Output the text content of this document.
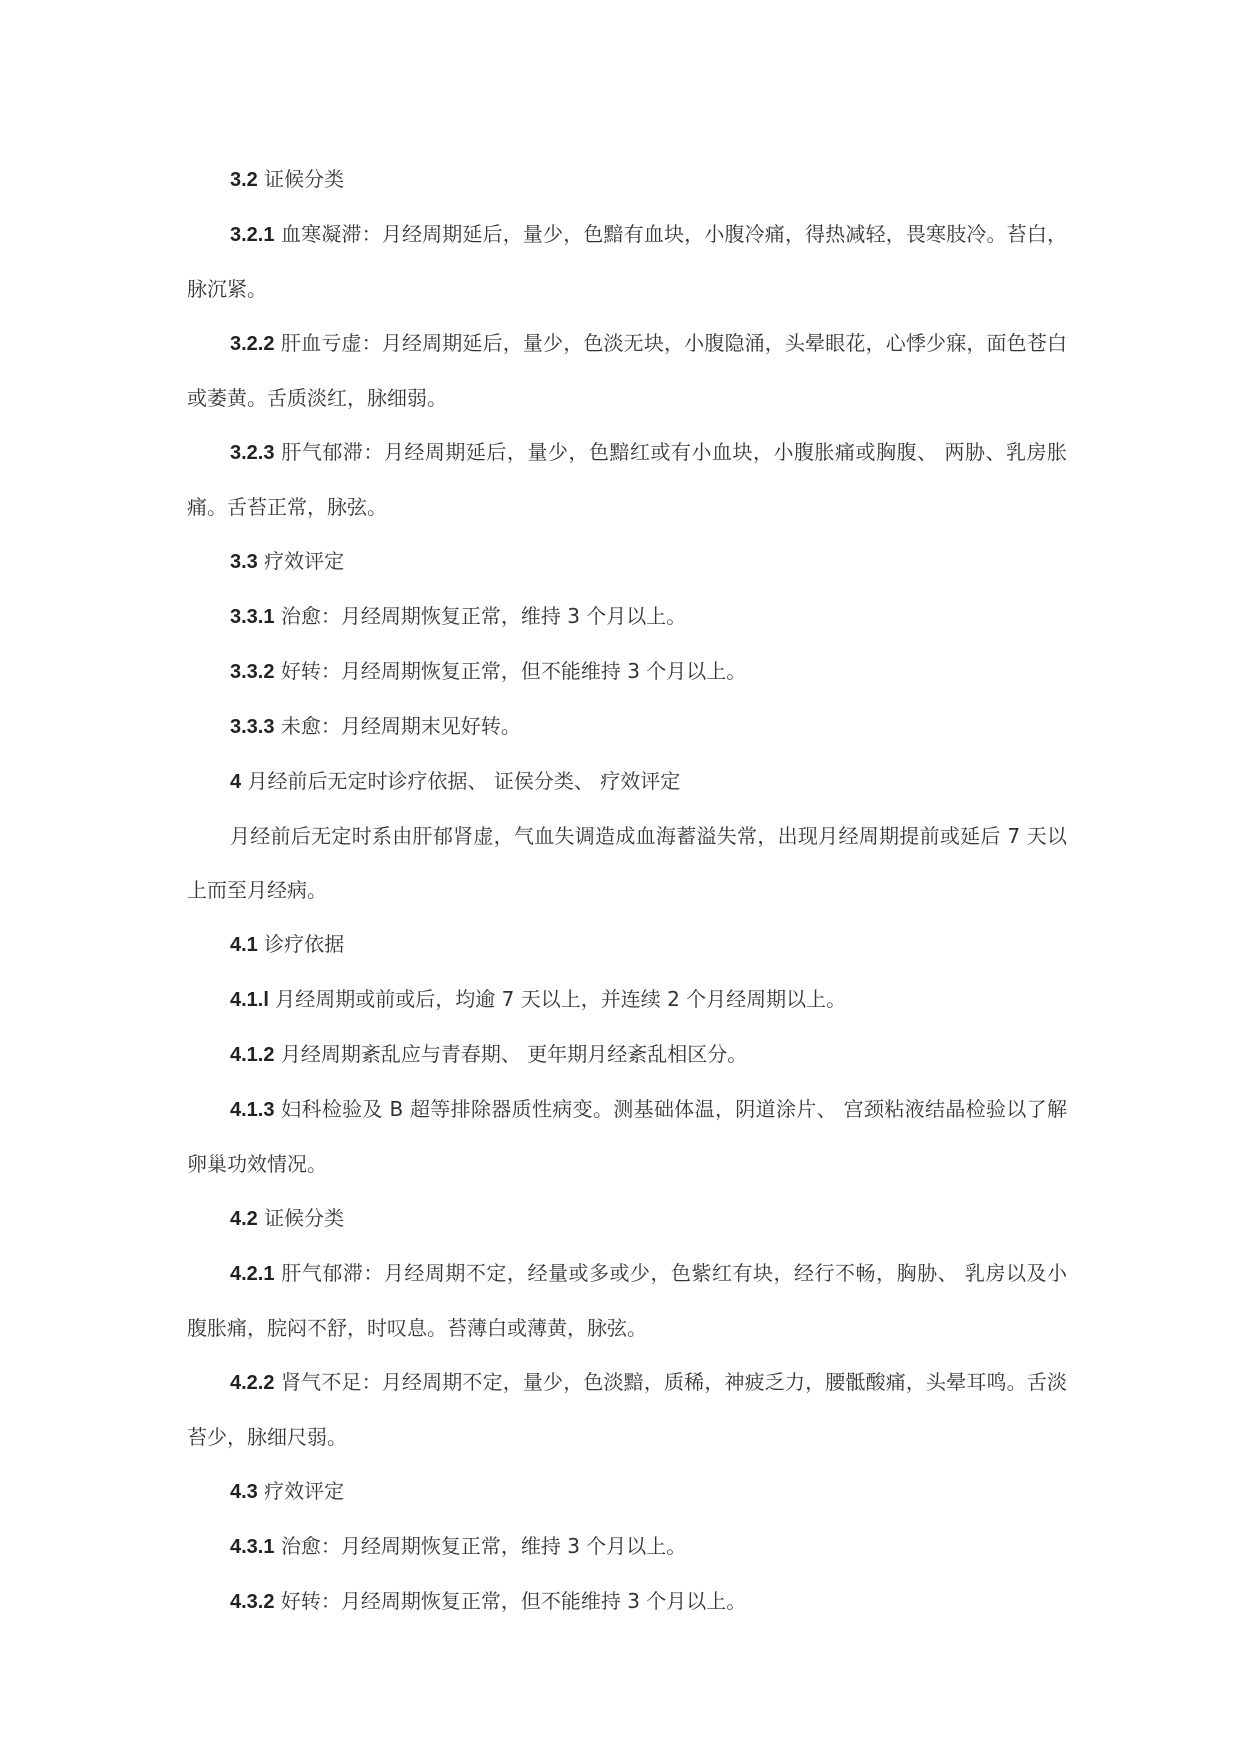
3.2 证候分类

3.2.1 血寒凝滞：月经周期延后，量少，色黯有血块，小腹冷痛，得热减轻，畏寒肢冷。苔白，脉沉紧。

3.2.2 肝血亏虚：月经周期延后，量少，色淡无块，小腹隐涌，头晕眼花，心悸少寐，面色苍白或萎黄。舌质淡红，脉细弱。

3.2.3 肝气郁滞：月经周期延后，量少，色黯红或有小血块，小腹胀痛或胸腹、 两胁、乳房胀痛。舌苔正常，脉弦。

3.3 疗效评定

3.3.1 治愈：月经周期恢复正常，维持 3 个月以上。

3.3.2 好转：月经周期恢复正常，但不能维持 3 个月以上。

3.3.3 未愈：月经周期末见好转。

4 月经前后无定时诊疗依据、 证侯分类、 疗效评定

月经前后无定时系由肝郁肾虚，气血失调造成血海蓄溢失常，出现月经周期提前或延后 7 天以上而至月经病。

4.1 诊疗依据

4.1.l 月经周期或前或后，均逾 7 天以上，并连续 2 个月经周期以上。

4.1.2 月经周期紊乱应与青春期、 更年期月经紊乱相区分。

4.1.3 妇科检验及 B 超等排除器质性病变。测基础体温，阴道涂片、 宫颈粘液结晶检验以了解卵巢功效情况。

4.2 证候分类

4.2.1 肝气郁滞：月经周期不定，经量或多或少，色紫红有块，经行不畅，胸胁、 乳房以及小腹胀痛，脘闷不舒，时叹息。苔薄白或薄黄，脉弦。

4.2.2 肾气不足：月经周期不定，量少，色淡黯，质稀，神疲乏力，腰骶酸痛，头晕耳鸣。舌淡苔少，脉细尺弱。

4.3 疗效评定

4.3.1 治愈：月经周期恢复正常，维持 3 个月以上。

4.3.2 好转：月经周期恢复正常，但不能维持 3 个月以上。
